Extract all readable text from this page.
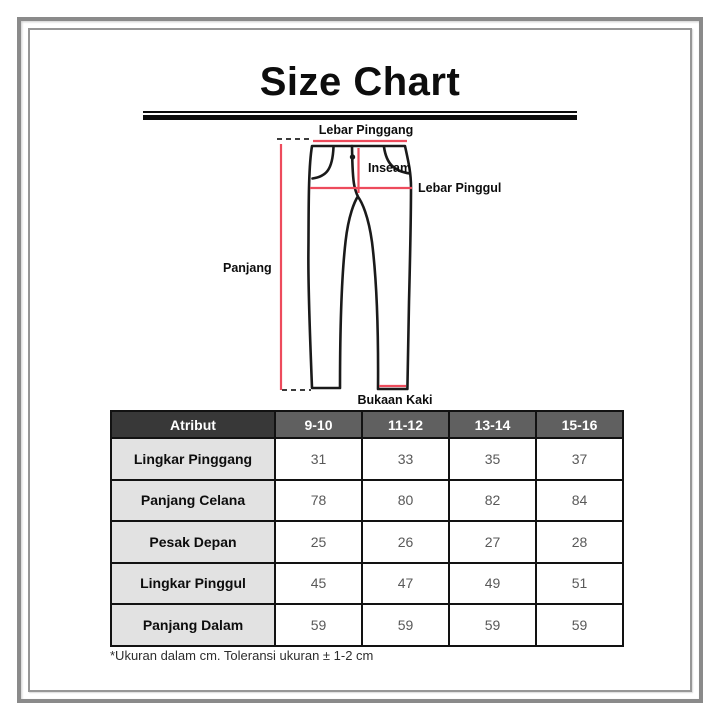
Size Chart
Lebar Pinggang
Inseam
Lebar Pinggul
Panjang
Bukaan Kaki
Atribut	9-10	11-12	13-14	15-16
Lingkar Pinggang	31	33	35	37
Panjang Celana	78	80	82	84
Pesak Depan	25	26	27	28
Lingkar Pinggul	45	47	49	51
Panjang Dalam	59	59	59	59
*Ukuran dalam cm. Toleransi ukuran ± 1-2 cm
